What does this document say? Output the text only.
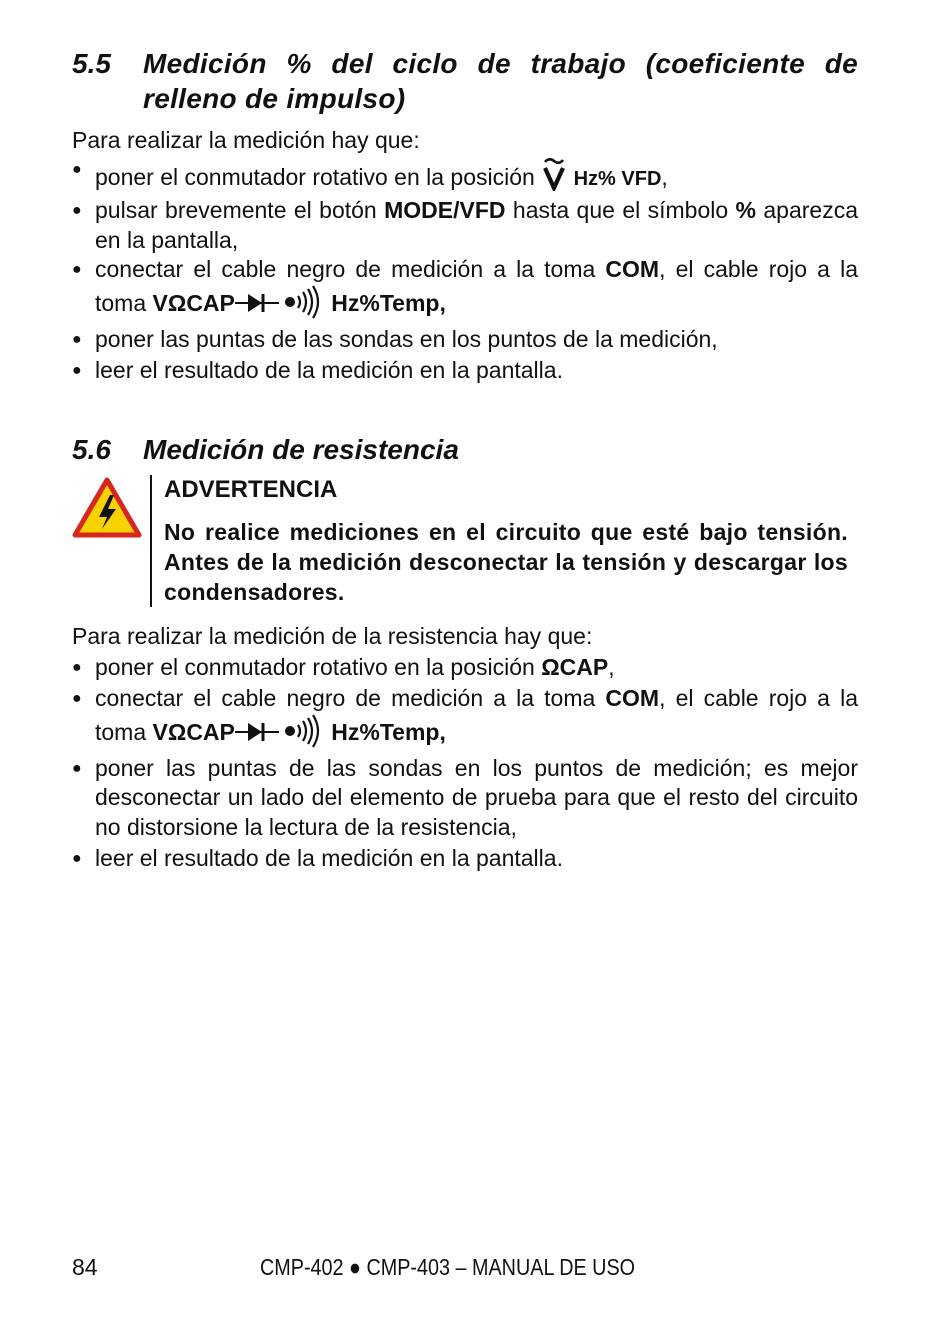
5.5	Medición % del ciclo de trabajo (coeficiente de relleno de impulso)

Para realizar la medición hay que:

● poner el conmutador rotativo en la posición  Hz% VFD,
● pulsar brevemente el botón MODE/VFD hasta que el símbolo % aparezca en la pantalla,
● conectar el cable negro de medición a la toma COM, el cable rojo a la toma VΩCAP	Hz%Temp,
● poner las puntas de las sondas en los puntos de la medición,
● leer el resultado de la medición en la pantalla.
5.6	Medición de resistencia

ADVERTENCIA

No realice mediciones en el circuito que esté bajo tensión. Antes de la medición desconectar la tensión y descargar los condensadores.

Para realizar la medición de la resistencia hay que:

● poner el conmutador rotativo en la posición ΩCAP,
● conectar el cable negro de medición a la toma COM, el cable rojo a la toma VΩCAP	Hz%Temp,
● poner las puntas de las sondas en los puntos de medición; es mejor desconectar un lado del elemento de prueba para que el resto del circuito no distorsione la lectura de la resistencia,
● leer el resultado de la medición en la pantalla.
84	CMP-402 ● CMP-403 – MANUAL DE USO
